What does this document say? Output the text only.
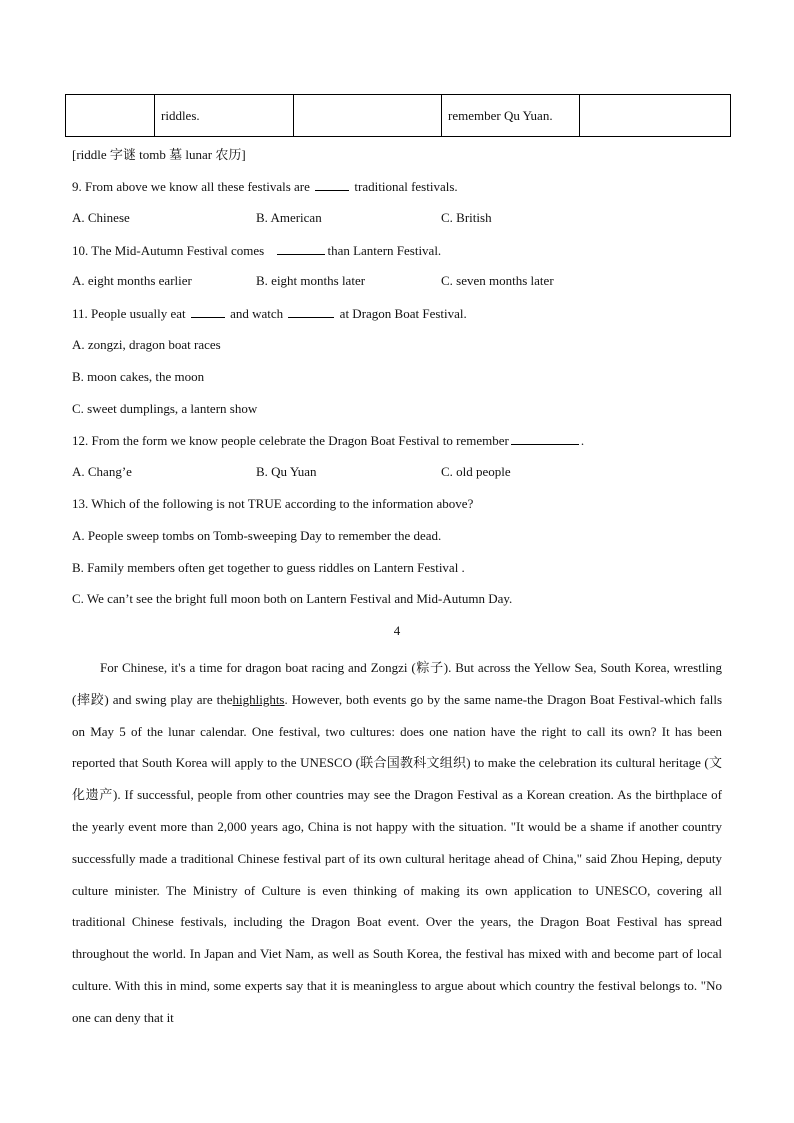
	riddles.		remember Qu Yuan.	
[riddle 字谜 tomb 墓 lunar 农历]
9. From above we know all these festivals are	traditional festivals.
A. Chinese	B. American	C. British
10. The Mid-Autumn Festival comes	than Lantern Festival.
A. eight months earlier	B. eight months later	C. seven months later
11. People usually eat	and watch	at Dragon Boat Festival.
A. zongzi, dragon boat races
B. moon cakes, the moon
C. sweet dumplings, a lantern show
12. From the form we know people celebrate the Dragon Boat Festival to remember	.
A. Chang’e	B. Qu Yuan	C. old people
13. Which of the following is not TRUE according to the information above?
A. People sweep tombs on Tomb-sweeping Day to remember the dead.
B. Family members often get together to guess riddles on Lantern Festival .
C. We can’t see the bright full moon both on Lantern Festival and Mid-Autumn Day.
4

For Chinese, it's a time for dragon boat racing and Zongzi (粽子). But across the Yellow Sea, South Korea, wrestling (摔跤) and swing play are thehighlights. However, both events go by the same name-the Dragon Boat Festival-which falls on May 5 of the lunar calendar. One festival, two cultures: does one nation have the right to call its own? It has been reported that South Korea will apply to the UNESCO (联合国教科文组织) to make the celebration its cultural heritage (文化遗产). If successful, people from other countries may see the Dragon Festival as a Korean creation. As the birthplace of the yearly event more than 2,000 years ago, China is not happy with the situation. "It would be a shame if another country successfully made a traditional Chinese festival part of its own cultural heritage ahead of China," said Zhou Heping, deputy culture minister. The Ministry of Culture is even thinking of making its own application to UNESCO, covering all traditional Chinese festivals, including the Dragon Boat event. Over the years, the Dragon Boat Festival has spread throughout the world. In Japan and Viet Nam, as well as South Korea, the festival has mixed with and become part of local culture. With this in mind, some experts say that it is meaningless to argue about which country the festival belongs to. "No one can deny that it
